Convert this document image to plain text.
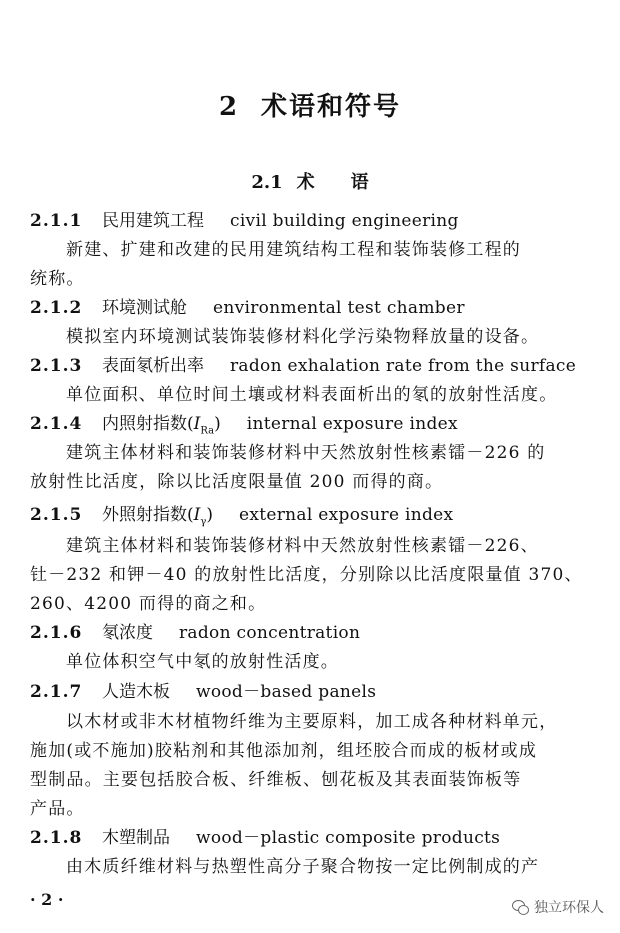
2 术语和符号
2.1 术 语
2.1.1 民用建筑工程 civil building engineering
新建、扩建和改建的民用建筑结构工程和装饰装修工程的
统称。
2.1.2 环境测试舱 environmental test chamber
模拟室内环境测试装饰装修材料化学污染物释放量的设备。
2.1.3 表面氡析出率 radon exhalation rate from the surface
单位面积、单位时间土壤或材料表面析出的氡的放射性活度。
2.1.4 内照射指数$(I_{Ra})$ internal exposure index
建筑主体材料和装饰装修材料中天然放射性核素镭－226 的
放射性比活度，除以比活度限量值 200 而得的商。
2.1.5 外照射指数$(I_\gamma)$ external exposure index
建筑主体材料和装饰装修材料中天然放射性核素镭－226、
钍－232 和钾－40 的放射性比活度，分别除以比活度限量值 370、
260、4200 而得的商之和。
2.1.6 氡浓度 radon concentration
单位体积空气中氡的放射性活度。
2.1.7 人造木板 wood－based panels
以木材或非木材植物纤维为主要原料，加工成各种材料单元，
施加(或不施加)胶粘剂和其他添加剂，组坯胶合而成的板材或成
型制品。主要包括胶合板、纤维板、刨花板及其表面装饰板等
产品。
2.1.8 木塑制品 wood－plastic composite products
由木质纤维材料与热塑性高分子聚合物按一定比例制成的产
· 2 ·	独立环保人
